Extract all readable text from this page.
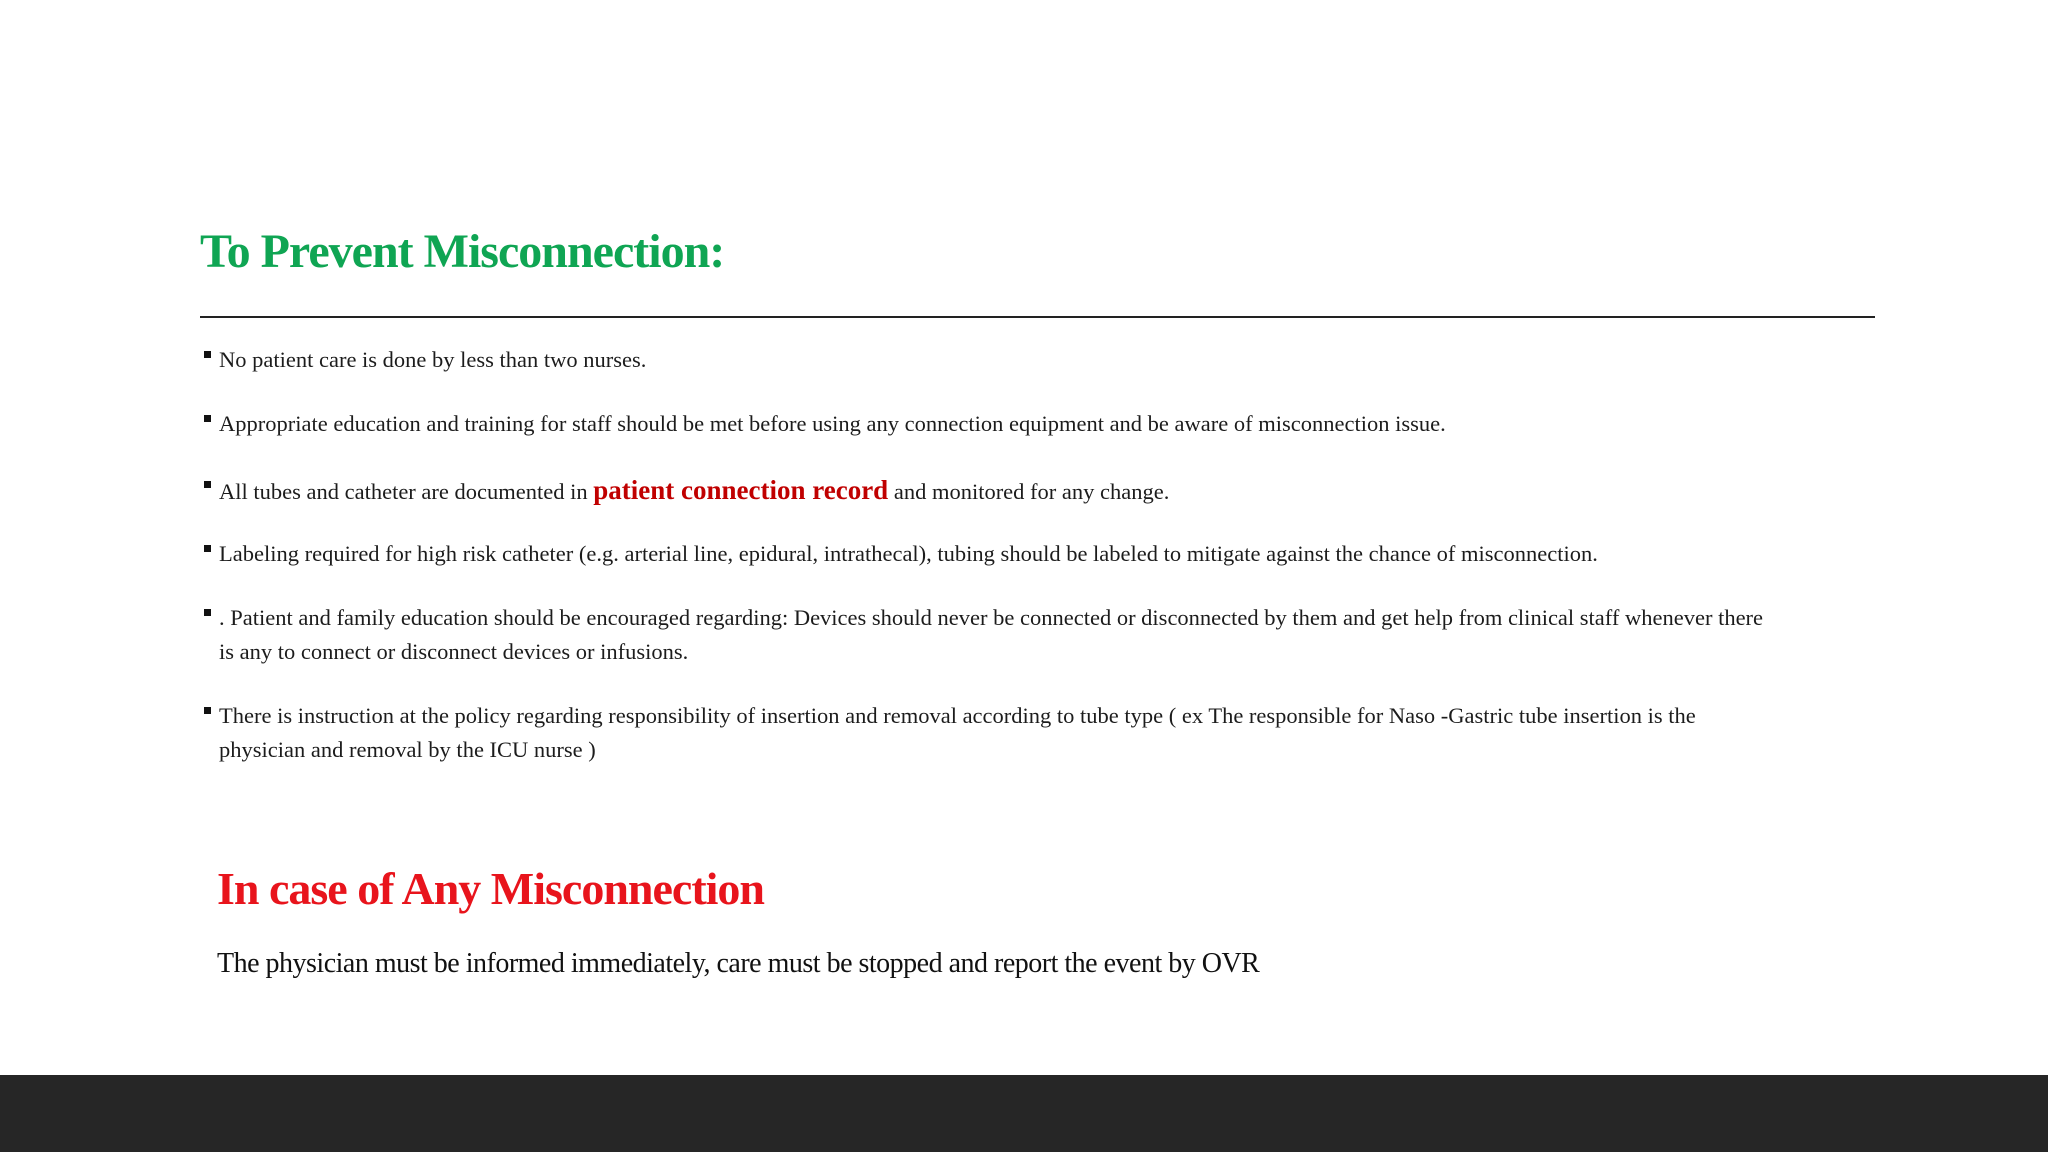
To Prevent Misconnection:
No patient care is done by less than two nurses.
Appropriate education and training for staff should be met before using any connection equipment and be aware of misconnection issue.
All tubes and catheter are documented in patient connection record and monitored for any change.
Labeling required for high risk catheter (e.g. arterial line, epidural, intrathecal), tubing should be labeled to mitigate against the chance of misconnection.
. Patient and family education should be encouraged regarding: Devices should never be connected or disconnected by them and get help from clinical staff whenever there is any to connect or disconnect devices or infusions.
There is instruction at the policy regarding responsibility of insertion and removal according to tube type ( ex The responsible for Naso -Gastric tube insertion is the physician and removal by the ICU nurse )
In case of Any Misconnection

The physician must be informed immediately, care must be stopped and report the event by OVR
